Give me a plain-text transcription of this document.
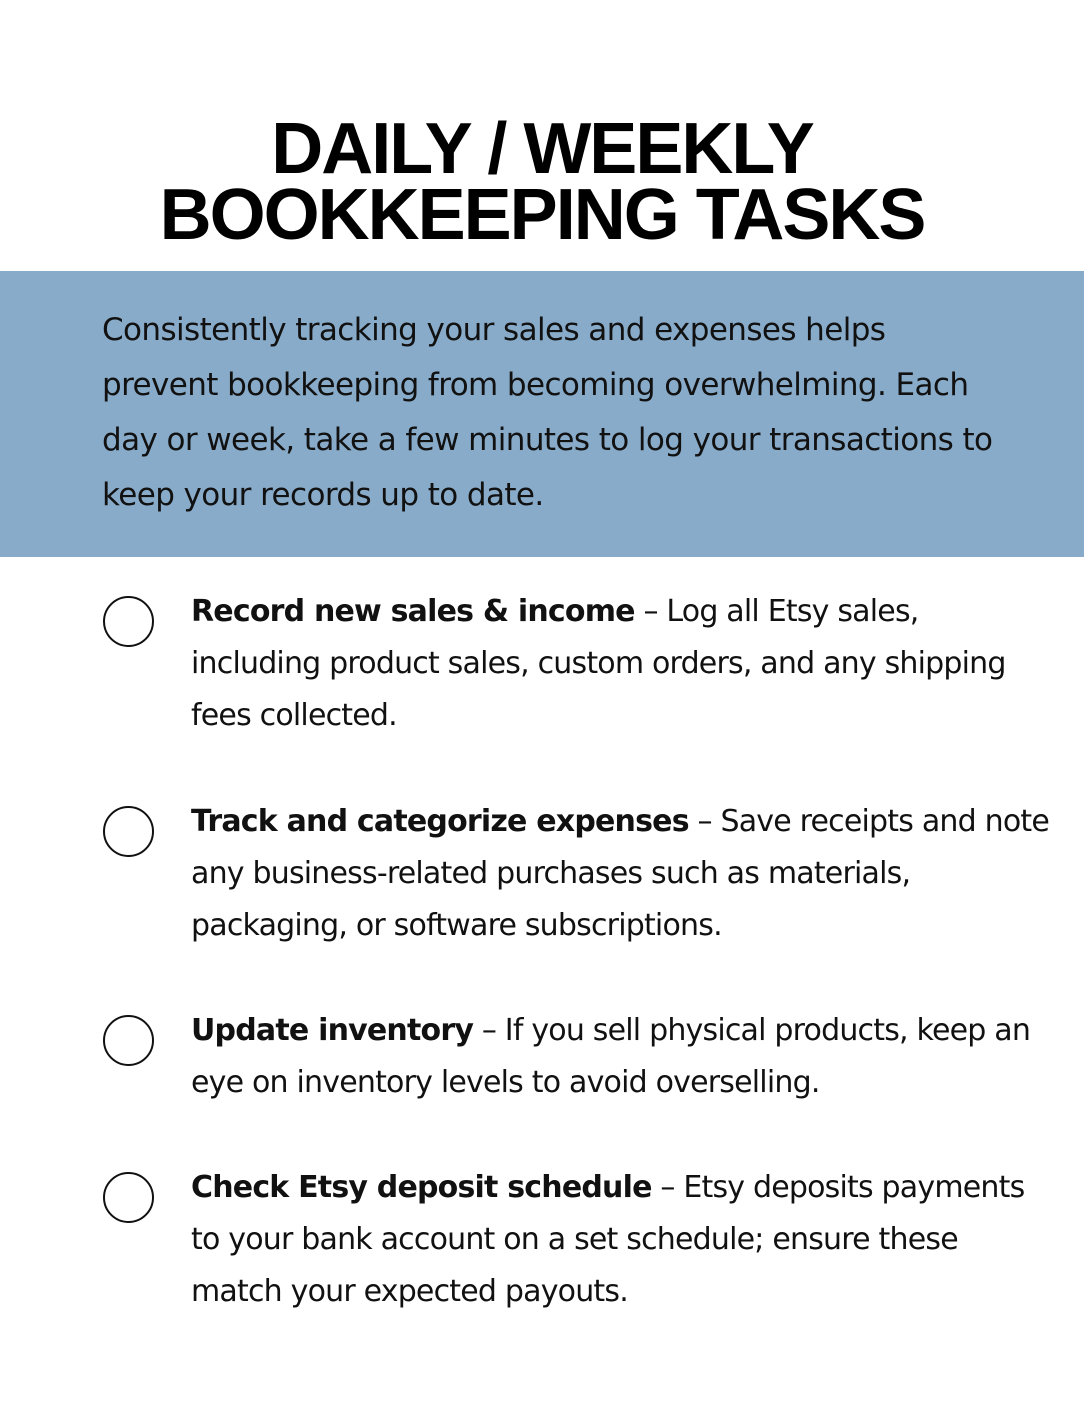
DAILY / WEEKLY
BOOKKEEPING TASKS

Consistently tracking your sales and expenses helps prevent bookkeeping from becoming overwhelming. Each day or week, take a few minutes to log your transactions to keep your records up to date.

Record new sales & income – Log all Etsy sales, including product sales, custom orders, and any shipping fees collected.

Track and categorize expenses – Save receipts and note any business-related purchases such as materials, packaging, or software subscriptions.

Update inventory – If you sell physical products, keep an eye on inventory levels to avoid overselling.

Check Etsy deposit schedule – Etsy deposits payments to your bank account on a set schedule; ensure these match your expected payouts.
